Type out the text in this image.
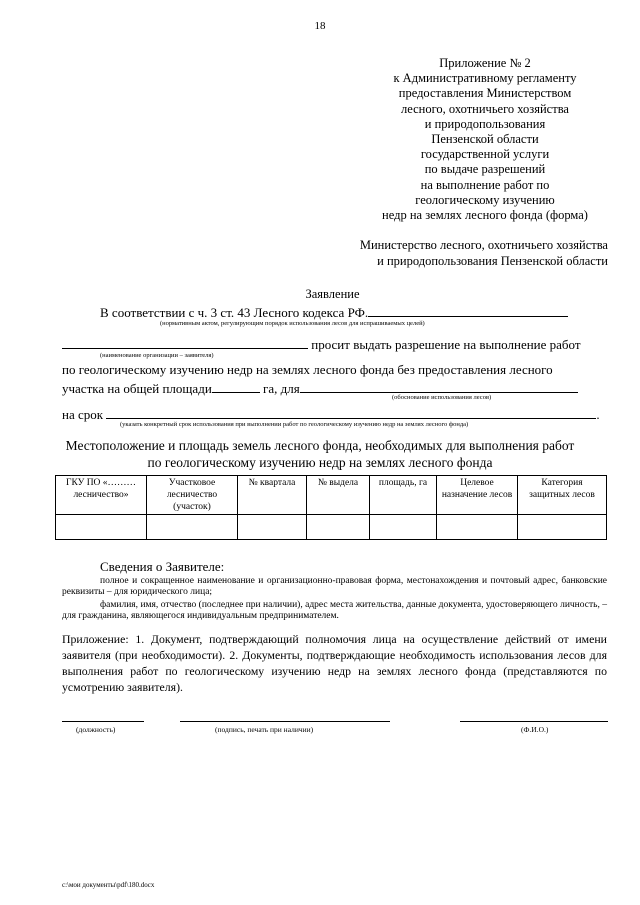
18
Приложение № 2
к Административному регламенту
предоставления Министерством
лесного, охотничьего хозяйства
и природопользования
Пензенской области
государственной услуги
по выдаче разрешений
на выполнение работ по
геологическому изучению
недр на землях лесного фонда (форма)
Министерство лесного, охотничьего хозяйства
и природопользования Пензенской области
Заявление
В соответствии с ч. 3 ст. 43 Лесного кодекса РФ.
(нормативным актом, регулирующим порядок использования лесов для испрашиваемых целей)
просит выдать разрешение на выполнение работ
(наименование организации – заявителя)
по геологическому изучению недр на землях лесного фонда без предоставления лесного
участка на общей площади	га, для
(обоснование использования лесов)
на срок	.
(указать конкретный срок использования при выполнении работ по геологическому изучению недр на землях лесного фонда)
Местоположение и площадь земель лесного фонда, необходимых для выполнения работ
по геологическому изучению недр на землях лесного фонда
ГКУ ПО «……… лесничество»	Участковое лесничество (участок)	№ квартала	№ выдела	площадь, га	Целевое назначение лесов	Категория защитных лесов

Сведения о Заявителе:
полное и сокращенное наименование и организационно-правовая форма, местонахождения и почтовый адрес, банковские реквизиты – для юридического лица;
фамилия, имя, отчество (последнее при наличии), адрес места жительства, данные документа, удостоверяющего личность, – для гражданина, являющегося индивидуальным предпринимателем.
Приложение: 1. Документ, подтверждающий полномочия лица на осуществление действий от имени заявителя (при необходимости). 2. Документы, подтверждающие необходимость использования лесов для выполнения работ по геологическому изучению недр на землях лесного фонда (представляются по усмотрению заявителя).
(должность)	(подпись, печать при наличии)	(Ф.И.О.)
c:\мои документы\pdf\180.docx
